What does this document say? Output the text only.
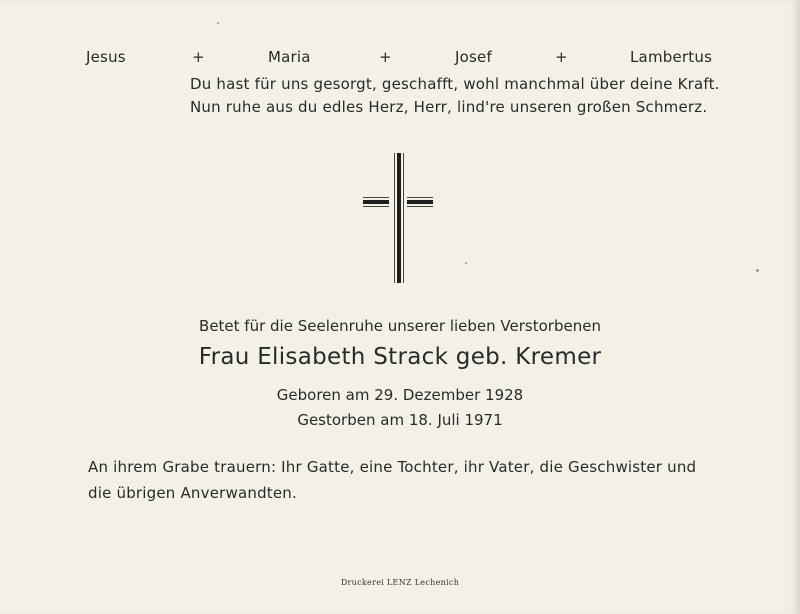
Jesus	+	Maria	+	Josef	+	Lambertus
Du hast für uns gesorgt, geschafft, wohl manchmal über deine Kraft.
Nun ruhe aus du edles Herz, Herr, lind're unseren großen Schmerz.
Betet für die Seelenruhe unserer lieben Verstorbenen
Frau Elisabeth Strack geb. Kremer
Geboren am 29. Dezember 1928
Gestorben am 18. Juli 1971
An ihrem Grabe trauern: Ihr Gatte, eine Tochter, ihr Vater, die Geschwister und
die übrigen Anverwandten.
Druckerei LENZ Lechenich
